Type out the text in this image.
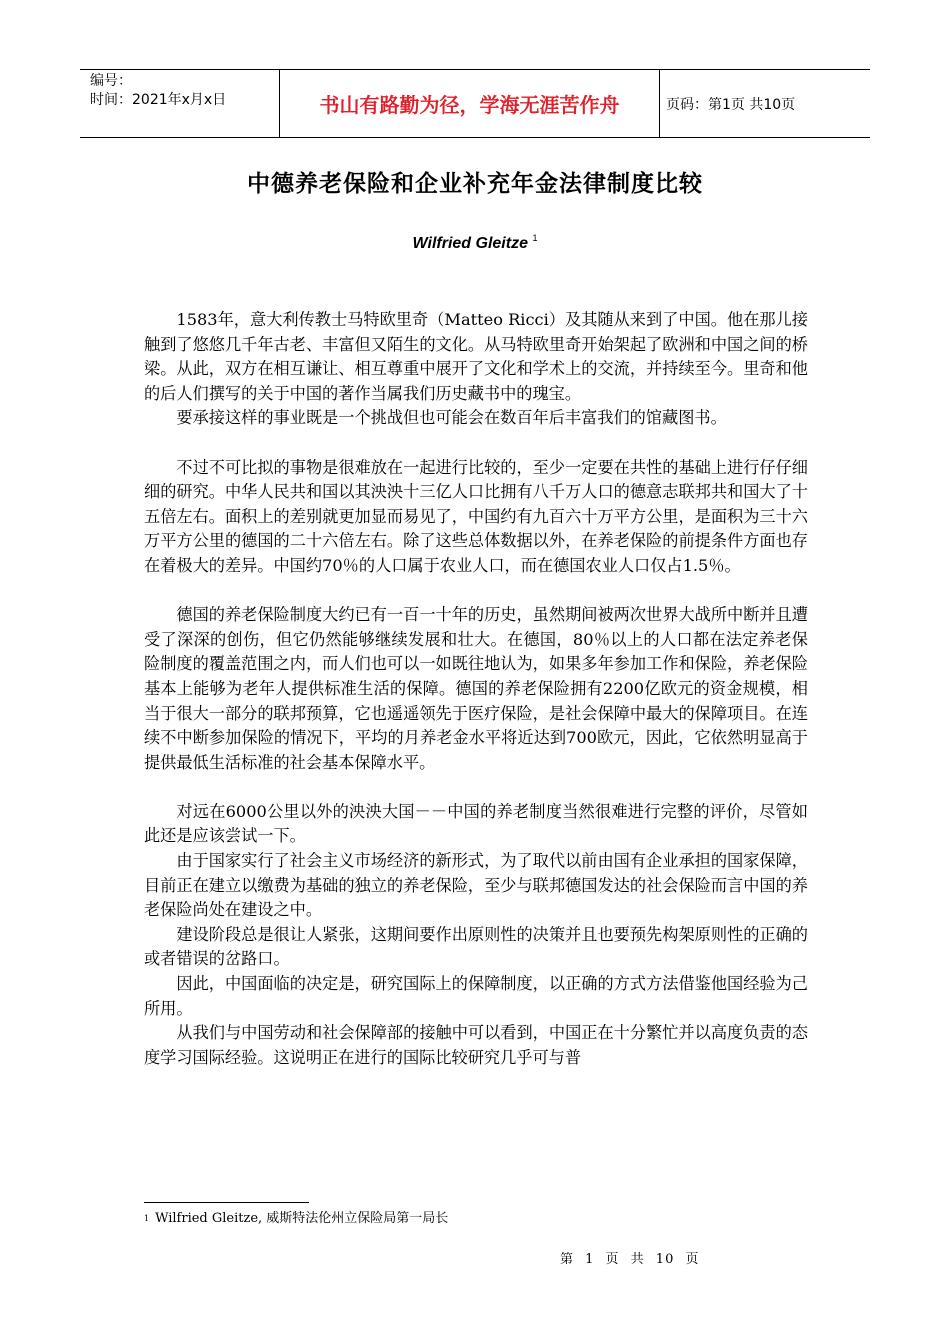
编号：
时间：2021年x月x日	书山有路勤为径，学海无涯苦作舟	页码：第1页 共10页
中德养老保险和企业补充年金法律制度比较
Wilfried Gleitze $^1$

1583年，意大利传教士马特欧里奇（Matteo Ricci）及其随从来到了中国。他在那儿接触到了悠悠几千年古老、丰富但又陌生的文化。从马特欧里奇开始架起了欧洲和中国之间的桥梁。从此，双方在相互谦让、相互尊重中展开了文化和学术上的交流，并持续至今。里奇和他的后人们撰写的关于中国的著作当属我们历史藏书中的瑰宝。

要承接这样的事业既是一个挑战但也可能会在数百年后丰富我们的馆藏图书。

不过不可比拟的事物是很难放在一起进行比较的，至少一定要在共性的基础上进行仔仔细细的研究。中华人民共和国以其泱泱十三亿人口比拥有八千万人口的德意志联邦共和国大了十五倍左右。面积上的差别就更加显而易见了，中国约有九百六十万平方公里，是面积为三十六万平方公里的德国的二十六倍左右。除了这些总体数据以外，在养老保险的前提条件方面也存在着极大的差异。中国约70％的人口属于农业人口，而在德国农业人口仅占1.5％。

德国的养老保险制度大约已有一百一十年的历史，虽然期间被两次世界大战所中断并且遭受了深深的创伤，但它仍然能够继续发展和壮大。在德国，80％以上的人口都在法定养老保险制度的覆盖范围之内，而人们也可以一如既往地认为，如果多年参加工作和保险，养老保险基本上能够为老年人提供标准生活的保障。德国的养老保险拥有2200亿欧元的资金规模，相当于很大一部分的联邦预算，它也遥遥领先于医疗保险，是社会保障中最大的保障项目。在连续不中断参加保险的情况下，平均的月养老金水平将近达到700欧元，因此，它依然明显高于提供最低生活标准的社会基本保障水平。

对远在6000公里以外的泱泱大国－－中国的养老制度当然很难进行完整的评价，尽管如此还是应该尝试一下。

由于国家实行了社会主义市场经济的新形式，为了取代以前由国有企业承担的国家保障，目前正在建立以缴费为基础的独立的养老保险，至少与联邦德国发达的社会保险而言中国的养老保险尚处在建设之中。

建设阶段总是很让人紧张，这期间要作出原则性的决策并且也要预先构架原则性的正确的或者错误的岔路口。

因此，中国面临的决定是，研究国际上的保障制度，以正确的方式方法借鉴他国经验为己所用。

从我们与中国劳动和社会保障部的接触中可以看到，中国正在十分繁忙并以高度负责的态度学习国际经验。这说明正在进行的国际比较研究几乎可与普

$^1$ Wilfried Gleitze, 威斯特法伦州立保险局第一局长
第 1 页 共 10 页
